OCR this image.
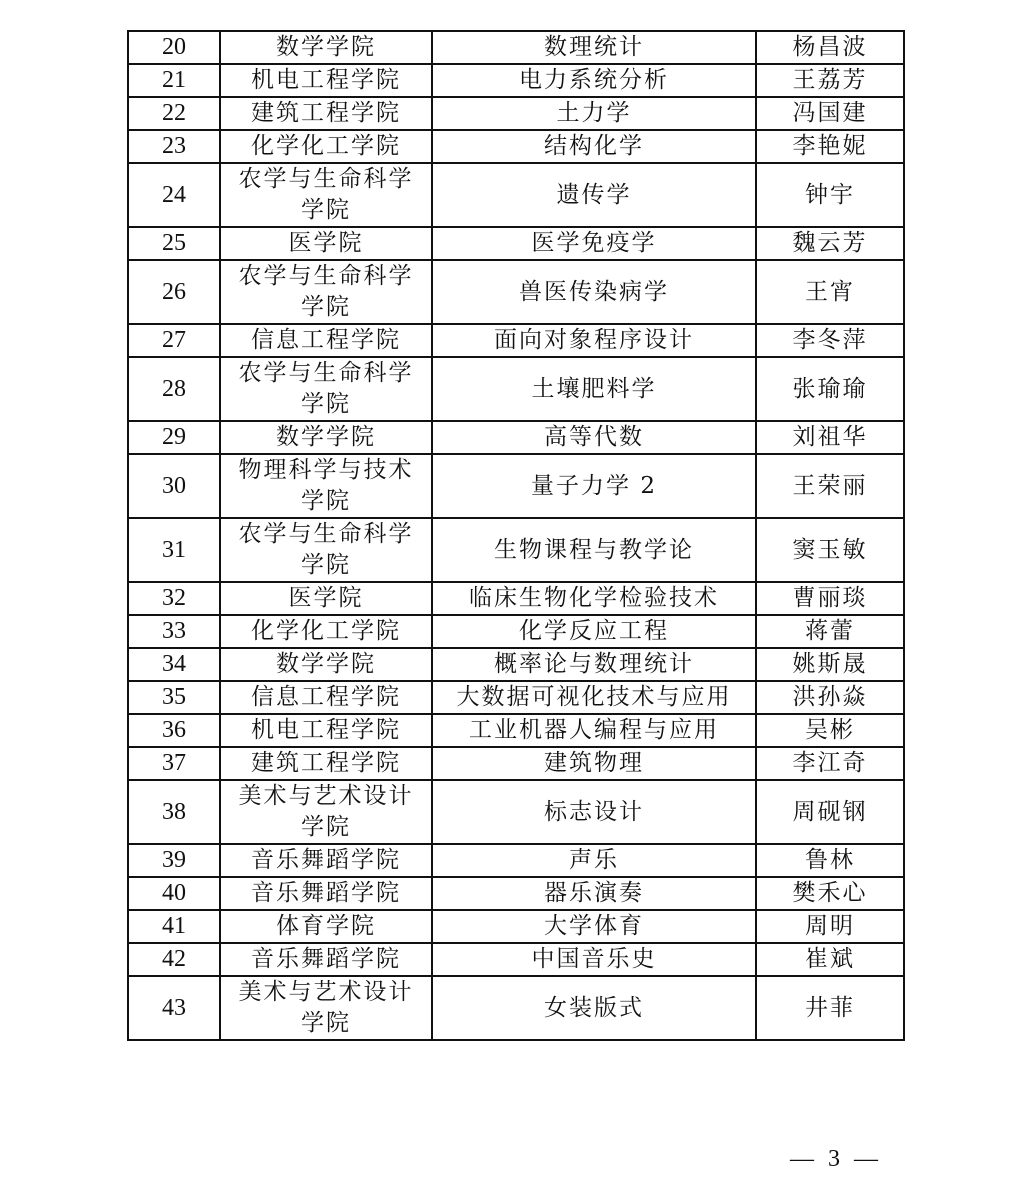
20	数学学院	数理统计	杨昌波
21	机电工程学院	电力系统分析	王荔芳
22	建筑工程学院	土力学	冯国建
23	化学化工学院	结构化学	李艳妮
24	农学与生命科学学院	遗传学	钟宇
25	医学院	医学免疫学	魏云芳
26	农学与生命科学学院	兽医传染病学	王宵
27	信息工程学院	面向对象程序设计	李冬萍
28	农学与生命科学学院	土壤肥料学	张瑜瑜
29	数学学院	高等代数	刘祖华
30	物理科学与技术学院	量子力学 2	王荣丽
31	农学与生命科学学院	生物课程与教学论	窦玉敏
32	医学院	临床生物化学检验技术	曹丽琰
33	化学化工学院	化学反应工程	蒋蕾
34	数学学院	概率论与数理统计	姚斯晟
35	信息工程学院	大数据可视化技术与应用	洪孙焱
36	机电工程学院	工业机器人编程与应用	吴彬
37	建筑工程学院	建筑物理	李江奇
38	美术与艺术设计学院	标志设计	周砚钢
39	音乐舞蹈学院	声乐	鲁林
40	音乐舞蹈学院	器乐演奏	樊禾心
41	体育学院	大学体育	周明
42	音乐舞蹈学院	中国音乐史	崔斌
43	美术与艺术设计学院	女装版式	井菲
— 3 —
